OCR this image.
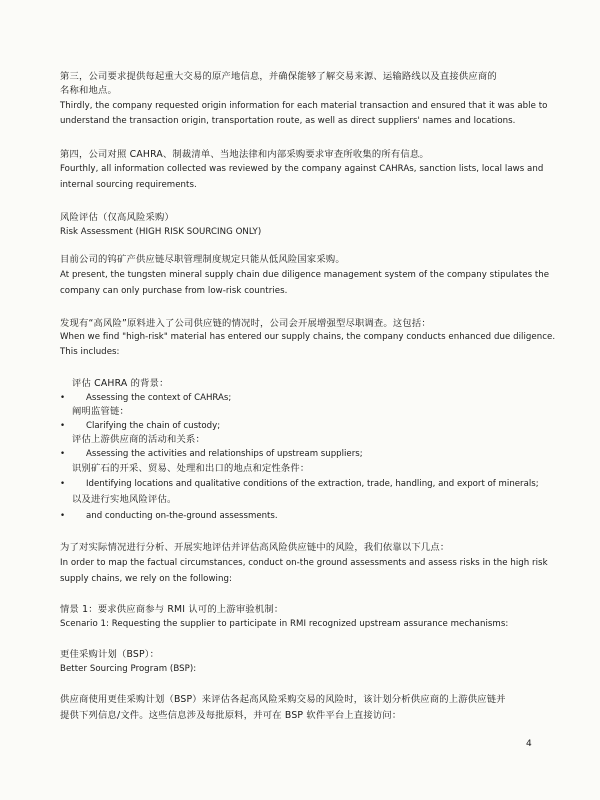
第三，公司要求提供每起重大交易的原产地信息，并确保能够了解交易来源、运输路线以及直接供应商的
名称和地点。
Thirdly, the company requested origin information for each material transaction and ensured that it was able to
understand the transaction origin, transportation route, as well as direct suppliers' names and locations.
第四，公司对照 CAHRA、制裁清单、当地法律和内部采购要求审查所收集的所有信息。
Fourthly, all information collected was reviewed by the company against CAHRAs, sanction lists, local laws and
internal sourcing requirements.
风险评估（仅高风险采购）
Risk Assessment (HIGH RISK SOURCING ONLY)
目前公司的钨矿产供应链尽职管理制度规定只能从低风险国家采购。
At present, the tungsten mineral supply chain due diligence management system of the company stipulates the
company can only purchase from low-risk countries.
发现有“高风险”原料进入了公司供应链的情况时，公司会开展增强型尽职调查。这包括：
When we find "high-risk" material has entered our supply chains, the company conducts enhanced due diligence.
This includes:
评估 CAHRA 的背景：
• Assessing the context of CAHRAs;
阐明监管链：
• Clarifying the chain of custody;
评估上游供应商的活动和关系：
• Assessing the activities and relationships of upstream suppliers;
识别矿石的开采、贸易、处理和出口的地点和定性条件：
• Identifying locations and qualitative conditions of the extraction, trade, handling, and export of minerals;
以及进行实地风险评估。
• and conducting on-the-ground assessments.
为了对实际情况进行分析、开展实地评估并评估高风险供应链中的风险，我们依靠以下几点：
In order to map the factual circumstances, conduct on-the ground assessments and assess risks in the high risk
supply chains, we rely on the following:
情景 1：要求供应商参与 RMI 认可的上游审验机制：
Scenario 1: Requesting the supplier to participate in RMI recognized upstream assurance mechanisms:
更佳采购计划（BSP）：
Better Sourcing Program (BSP):
供应商使用更佳采购计划（BSP）来评估各起高风险采购交易的风险时，该计划分析供应商的上游供应链并
提供下列信息/文件。这些信息涉及每批原料，并可在 BSP 软件平台上直接访问：
4
